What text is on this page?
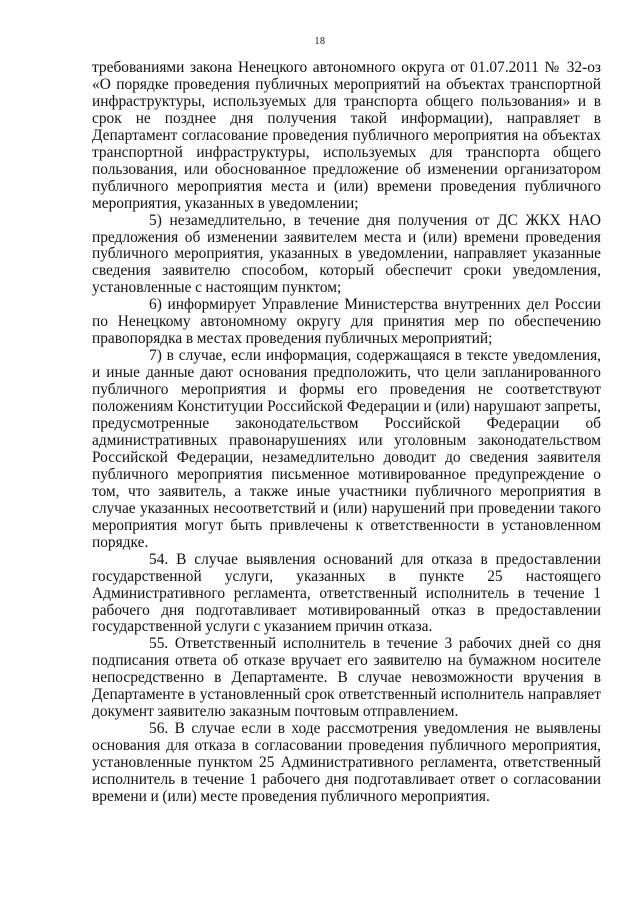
18

требованиями закона Ненецкого автономного округа от 01.07.2011 № 32-оз «О порядке проведения публичных мероприятий на объектах транспортной инфраструктуры, используемых для транспорта общего пользования» и в срок не позднее дня получения такой информации), направляет в Департамент согласование проведения публичного мероприятия на объектах транспортной инфраструктуры, используемых для транспорта общего пользования, или обоснованное предложение об изменении организатором публичного мероприятия места и (или) времени проведения публичного мероприятия, указанных в уведомлении;

5) незамедлительно, в течение дня получения от ДС ЖКХ НАО предложения об изменении заявителем места и (или) времени проведения публичного мероприятия, указанных в уведомлении, направляет указанные сведения заявителю способом, который обеспечит сроки уведомления, установленные с настоящим пунктом;

6) информирует Управление Министерства внутренних дел России по Ненецкому автономному округу для принятия мер по обеспечению правопорядка в местах проведения публичных мероприятий;

7) в случае, если информация, содержащаяся в тексте уведомления, и иные данные дают основания предположить, что цели запланированного публичного мероприятия и формы его проведения не соответствуют положениям Конституции Российской Федерации и (или) нарушают запреты, предусмотренные законодательством Российской Федерации об административных правонарушениях или уголовным законодательством Российской Федерации, незамедлительно доводит до сведения заявителя публичного мероприятия письменное мотивированное предупреждение о том, что заявитель, а также иные участники публичного мероприятия в случае указанных несоответствий и (или) нарушений при проведении такого мероприятия могут быть привлечены к ответственности в установленном порядке.

54. В случае выявления оснований для отказа в предоставлении государственной услуги, указанных в пункте 25 настоящего Административного регламента, ответственный исполнитель в течение 1 рабочего дня подготавливает мотивированный отказ в предоставлении государственной услуги с указанием причин отказа.

55. Ответственный исполнитель в течение 3 рабочих дней со дня подписания ответа об отказе вручает его заявителю на бумажном носителе непосредственно в Департаменте. В случае невозможности вручения в Департаменте в установленный срок ответственный исполнитель направляет документ заявителю заказным почтовым отправлением.

56. В случае если в ходе рассмотрения уведомления не выявлены основания для отказа в согласовании проведения публичного мероприятия, установленные пунктом 25 Административного регламента, ответственный исполнитель в течение 1 рабочего дня подготавливает ответ о согласовании времени и (или) месте проведения публичного мероприятия.
